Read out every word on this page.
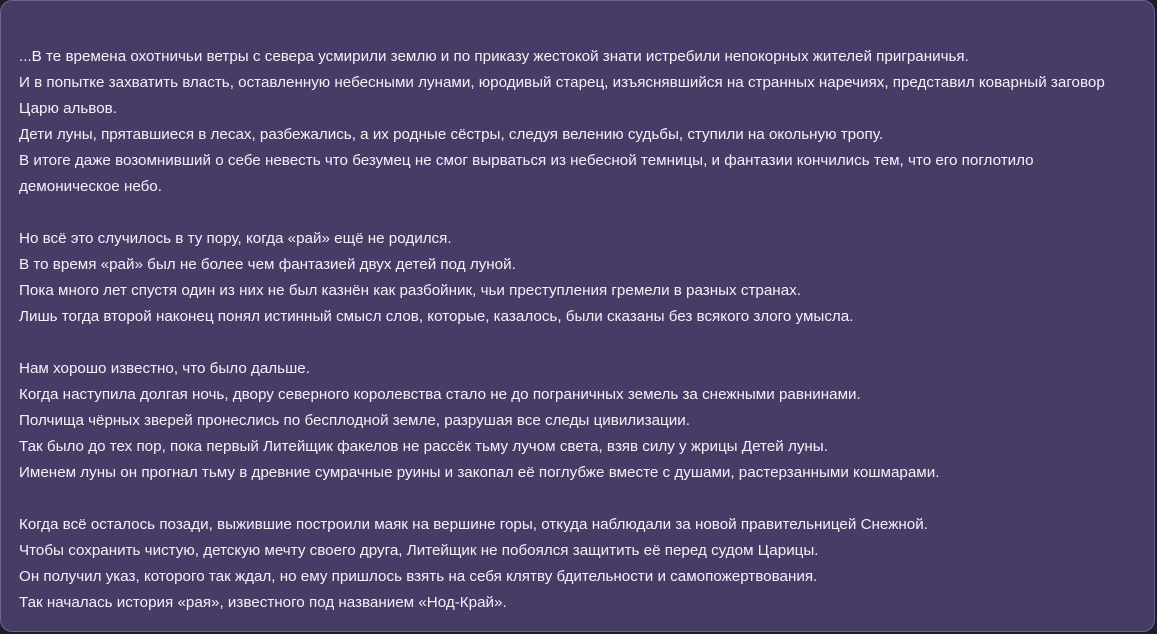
...В те времена охотничьи ветры с севера усмирили землю и по приказу жестокой знати истребили непокорных жителей приграничья.
И в попытке захватить власть, оставленную небесными лунами, юродивый старец, изъяснявшийся на странных наречиях, представил коварный заговор Царю альвов.
Дети луны, прятавшиеся в лесах, разбежались, а их родные сёстры, следуя велению судьбы, ступили на окольную тропу.
В итоге даже возомнивший о себе невесть что безумец не смог вырваться из небесной темницы, и фантазии кончились тем, что его поглотило демоническое небо.
Но всё это случилось в ту пору, когда «рай» ещё не родился.
В то время «рай» был не более чем фантазией двух детей под луной.
Пока много лет спустя один из них не был казнён как разбойник, чьи преступления гремели в разных странах.
Лишь тогда второй наконец понял истинный смысл слов, которые, казалось, были сказаны без всякого злого умысла.
Нам хорошо известно, что было дальше.
Когда наступила долгая ночь, двору северного королевства стало не до пограничных земель за снежными равнинами.
Полчища чёрных зверей пронеслись по бесплодной земле, разрушая все следы цивилизации.
Так было до тех пор, пока первый Литейщик факелов не рассёк тьму лучом света, взяв силу у жрицы Детей луны.
Именем луны он прогнал тьму в древние сумрачные руины и закопал её поглубже вместе с душами, растерзанными кошмарами.
Когда всё осталось позади, выжившие построили маяк на вершине горы, откуда наблюдали за новой правительницей Снежной.
Чтобы сохранить чистую, детскую мечту своего друга, Литейщик не побоялся защитить её перед судом Царицы.
Он получил указ, которого так ждал, но ему пришлось взять на себя клятву бдительности и самопожертвования.
Так началась история «рая», известного под названием «Нод-Край».
